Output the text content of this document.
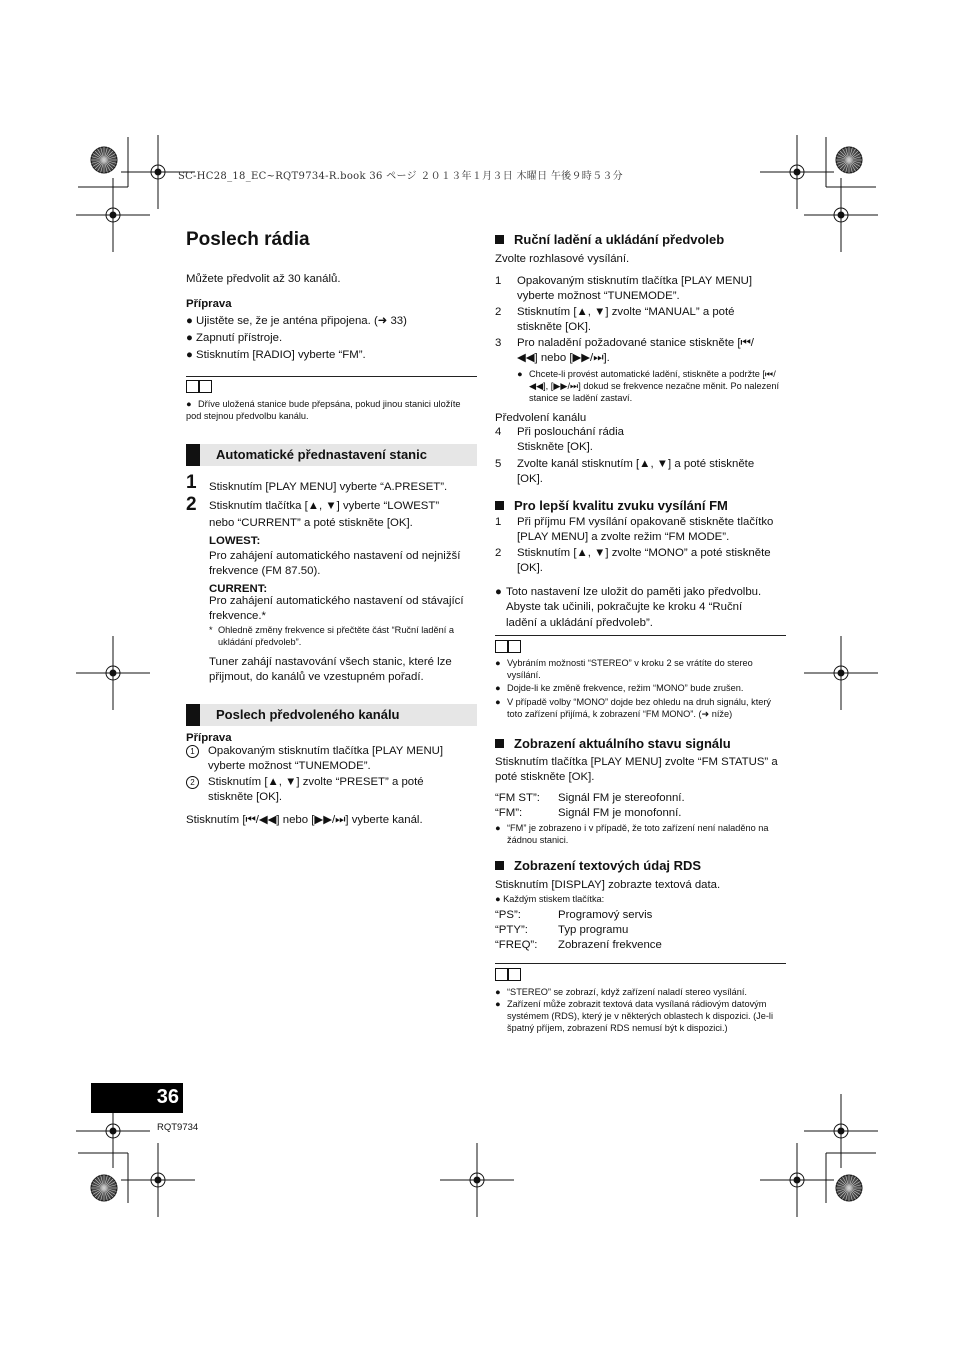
SC-HC28_18_EC~RQT9734-R.book 36 ページ ２０１３年１月３日 木曜日 午後９時５３分
Poslech rádia
Můžete předvolit až 30 kanálů.
Příprava
● Ujistěte se, že je anténa připojena. (➜ 33)
● Zapnutí přístroje.
● Stisknutím [RADIO] vyberte “FM”.
● Dříve uložená stanice bude přepsána, pokud jinou stanici uložíte pod stejnou předvolbu kanálu.
Automatické přednastavení stanic
1 Stisknutím [PLAY MENU] vyberte “A.PRESET”.
2 Stisknutím tlačítka [▲, ▼] vyberte “LOWEST”
nebo “CURRENT” a poté stiskněte [OK].
LOWEST:
Pro zahájení automatického nastavení od nejnižší frekvence (FM 87.50).
CURRENT:
Pro zahájení automatického nastavení od stávající frekvence.*
* Ohledně změny frekvence si přečtěte část “Ruční ladění a ukládání předvoleb”.
Tuner zahájí nastavování všech stanic, které lze přijmout, do kanálů ve vzestupném pořadí.
Poslech předvoleného kanálu
Příprava
1	Opakovaným stisknutím tlačítka [PLAY MENU] vyberte možnost “TUNEMODE”.
2	Stisknutím [▲, ▼] zvolte “PRESET” a poté stiskněte [OK].
Stisknutím [⏮/◀◀] nebo [▶▶/⏭] vyberte kanál.
Ruční ladění a ukládání předvoleb
Zvolte rozhlasové vysílání.
1	Opakovaným stisknutím tlačítka [PLAY MENU] vyberte možnost “TUNEMODE”.
2	Stisknutím [▲, ▼] zvolte “MANUAL” a poté stiskněte [OK].
3	Pro naladění požadované stanice stiskněte [⏮/◀◀] nebo [▶▶/⏭].
● Chcete-li provést automatické ladění, stiskněte a podržte [⏮/◀◀], [▶▶/⏭] dokud se frekvence nezačne měnit. Po nalezení stanice se ladění zastaví.
Předvolení kanálu
4	Při poslouchání rádia
Stiskněte [OK].
5	Zvolte kanál stisknutím [▲, ▼] a poté stiskněte [OK].
Pro lepší kvalitu zvuku vysílání FM
1	Při příjmu FM vysílání opakovaně stiskněte tlačítko [PLAY MENU] a zvolte režim “FM MODE”.
2	Stisknutím [▲, ▼] zvolte “MONO” a poté stiskněte [OK].
● Toto nastavení lze uložit do paměti jako předvolbu. Abyste tak učinili, pokračujte ke kroku 4 “Ruční ladění a ukládání předvoleb”.
● Vybráním možnosti “STEREO” v kroku 2 se vrátíte do stereo vysílání.
● Dojde-li ke změně frekvence, režim “MONO” bude zrušen.
● V případě volby “MONO” dojde bez ohledu na druh signálu, který toto zařízení přijímá, k zobrazení “FM MONO”. (➜ níže)
Zobrazení aktuálního stavu signálu
Stisknutím tlačítka [PLAY MENU] zvolte “FM STATUS” a poté stiskněte [OK].
“FM ST”: Signál FM je stereofonní.
“FM”:	Signál FM je monofonní.
● “FM” je zobrazeno i v případě, že toto zařízení není naladěno na žádnou stanici.
Zobrazení textových údaj RDS
Stisknutím [DISPLAY] zobrazte textová data.
● Každým stiskem tlačítka:
“PS”:	Programový servis
“PTY”:	Typ programu
“FREQ”: Zobrazení frekvence
● “STEREO” se zobrazí, když zařízení naladí stereo vysílání.
● Zařízení může zobrazit textová data vysílaná rádiovým datovým systémem (RDS), který je v některých oblastech k dispozici. (Je-li špatný příjem, zobrazení RDS nemusí být k dispozici.)
36
RQT9734
